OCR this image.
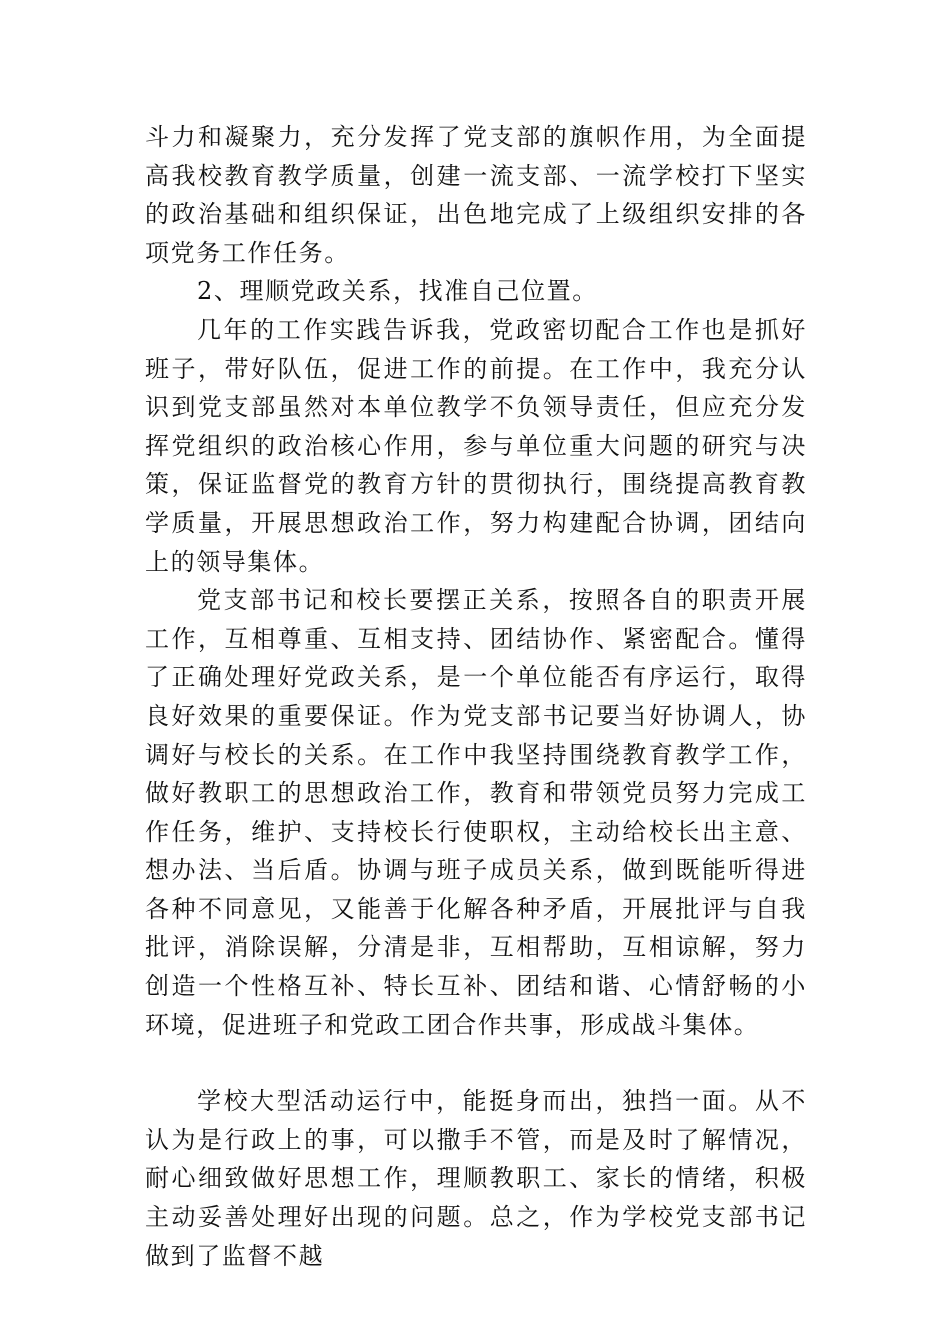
斗力和凝聚力，充分发挥了党支部的旗帜作用，为全面提高我校教育教学质量，创建一流支部、一流学校打下坚实的政治基础和组织保证，出色地完成了上级组织安排的各项党务工作任务。

2、理顺党政关系，找准自己位置。

几年的工作实践告诉我，党政密切配合工作也是抓好班子，带好队伍，促进工作的前提。在工作中，我充分认识到党支部虽然对本单位教学不负领导责任，但应充分发挥党组织的政治核心作用，参与单位重大问题的研究与决策，保证监督党的教育方针的贯彻执行，围绕提高教育教学质量，开展思想政治工作，努力构建配合协调，团结向上的领导集体。

党支部书记和校长要摆正关系，按照各自的职责开展工作，互相尊重、互相支持、团结协作、紧密配合。懂得了正确处理好党政关系，是一个单位能否有序运行，取得良好效果的重要保证。作为党支部书记要当好协调人，协调好与校长的关系。在工作中我坚持围绕教育教学工作，做好教职工的思想政治工作，教育和带领党员努力完成工作任务，维护、支持校长行使职权，主动给校长出主意、想办法、当后盾。协调与班子成员关系，做到既能听得进各种不同意见，又能善于化解各种矛盾，开展批评与自我批评，消除误解，分清是非，互相帮助，互相谅解，努力创造一个性格互补、特长互补、团结和谐、心情舒畅的小环境，促进班子和党政工团合作共事，形成战斗集体。

学校大型活动运行中，能挺身而出，独挡一面。从不认为是行政上的事，可以撒手不管，而是及时了解情况，耐心细致做好思想工作，理顺教职工、家长的情绪，积极主动妥善处理好出现的问题。总之，作为学校党支部书记做到了监督不越
